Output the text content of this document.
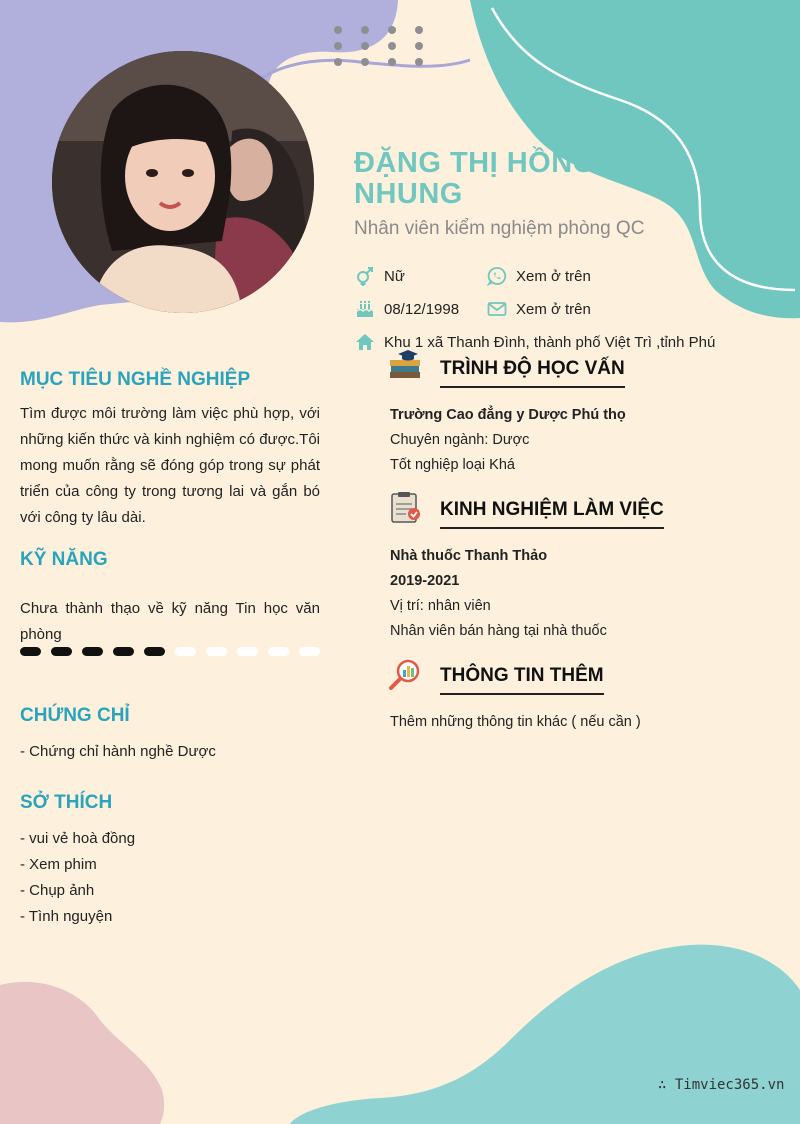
ĐẶNG THỊ HỒNG NHUNG
Nhân viên kiểm nghiệm phòng QC
Nữ	Xem ở trên
08/12/1998	Xem ở trên
Khu 1 xã Thanh Đình, thành phố Việt Trì ,tỉnh Phú
MỤC TIÊU NGHỀ NGHIỆP
Tìm được môi trường làm việc phù hợp, với những kiến thức và kinh nghiệm có được.Tôi mong muốn rằng sẽ đóng góp trong sự phát triển của công ty trong tương lai và gắn bó với công ty lâu dài.
KỸ NĂNG
Chưa thành thạo về kỹ năng Tin học văn phòng
CHỨNG CHỈ
- Chứng chỉ hành nghề Dược
SỞ THÍCH
- vui vẻ hoà đồng
- Xem phim
- Chụp ảnh
- Tình nguyện
TRÌNH ĐỘ HỌC VẤN
Trường Cao đẳng y Dược Phú thọ
Chuyên ngành: Dược
Tốt nghiệp loại Khá
KINH NGHIỆM LÀM VIỆC
Nhà thuốc Thanh Thảo
2019-2021
Vị trí: nhân viên
Nhân viên bán hàng tại nhà thuốc
THÔNG TIN THÊM
Thêm những thông tin khác ( nếu cần )
∴ Timviec365.vn
